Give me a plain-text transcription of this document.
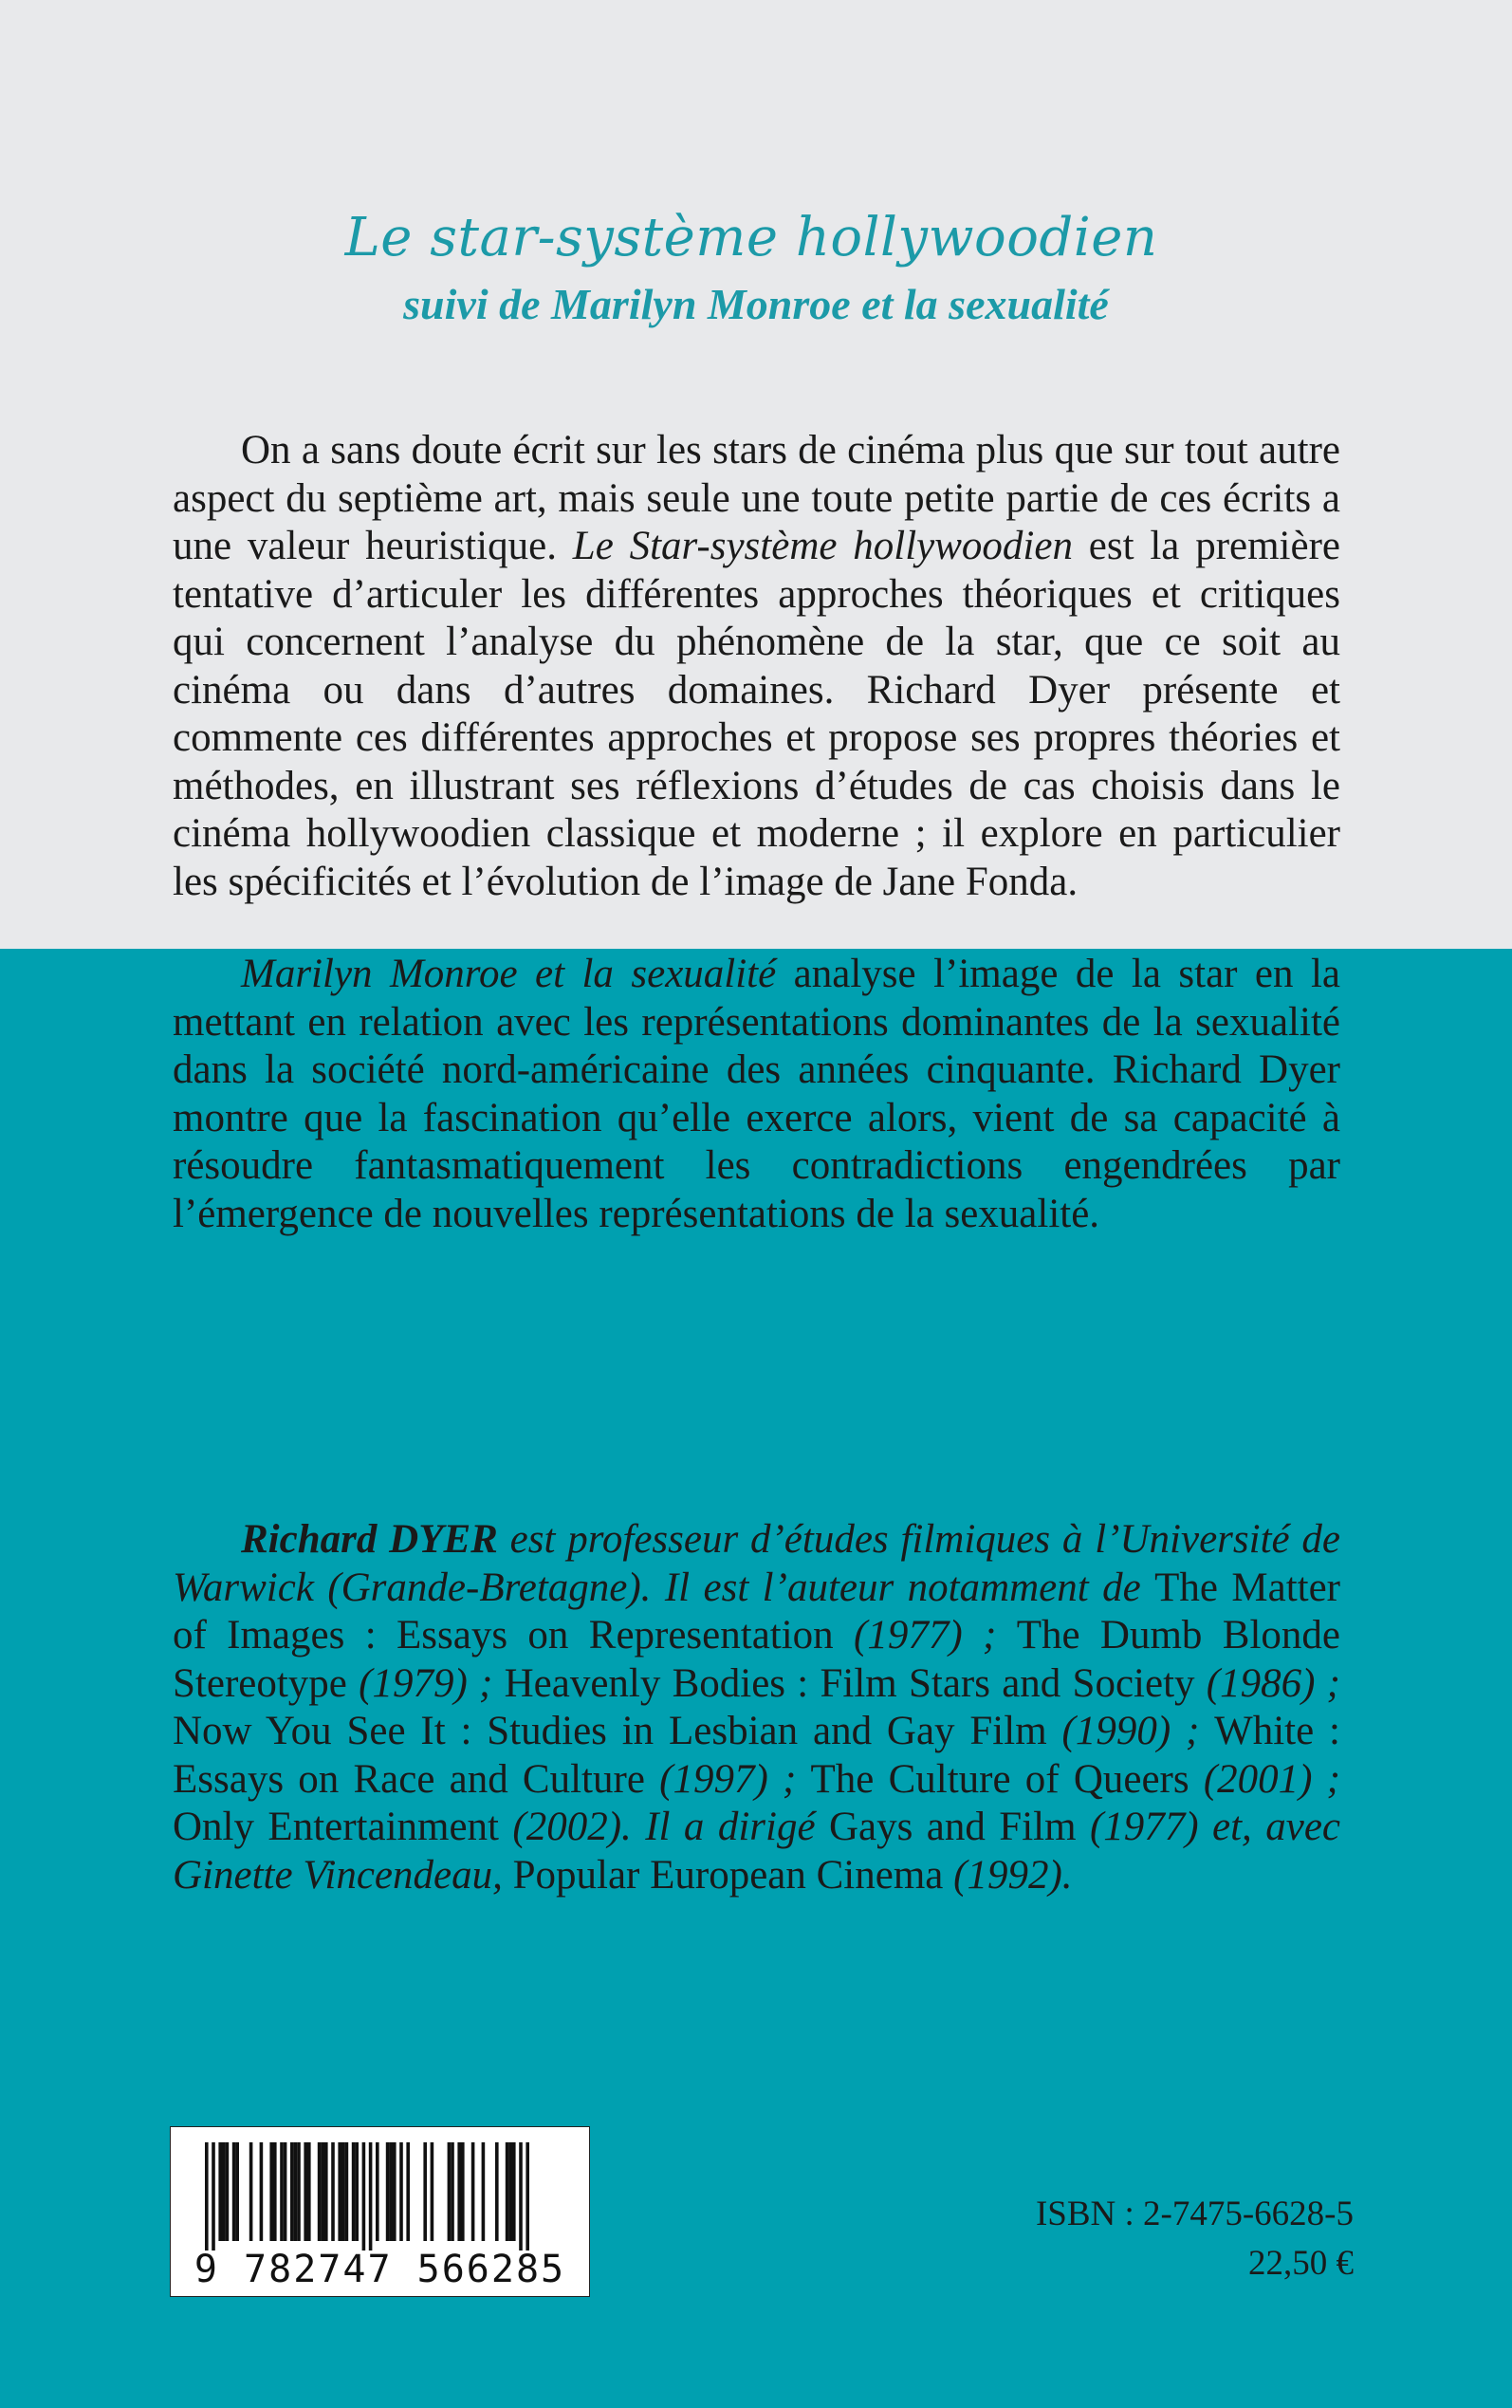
Le star-système hollywoodien
suivi de Marilyn Monroe et la sexualité

On a sans doute écrit sur les stars de cinéma plus que sur tout autre aspect du septième art, mais seule une toute petite partie de ces écrits a une valeur heuristique. Le Star-système hollywoodien est la première tentative d’articuler les différentes approches théoriques et critiques qui concernent l’analyse du phénomène de la star, que ce soit au cinéma ou dans d’autres domaines. Richard Dyer présente et commente ces différentes approches et propose ses propres théories et méthodes, en illustrant ses réflexions d’études de cas choisis dans le cinéma hollywoodien classique et moderne ; il explore en particulier les spécificités et l’évolution de l’image de Jane Fonda.

Marilyn Monroe et la sexualité analyse l’image de la star en la mettant en relation avec les représentations dominantes de la sexualité dans la société nord-américaine des années cinquante. Richard Dyer montre que la fascination qu’elle exerce alors, vient de sa capacité à résoudre fantasmatiquement les contradictions engendrées par l’émergence de nouvelles représentations de la sexualité.

Richard DYER est professeur d’études filmiques à l’Université de Warwick (Grande-Bretagne). Il est l’auteur notamment de The Matter of Images : Essays on Representation (1977) ; The Dumb Blonde Stereotype (1979) ; Heavenly Bodies : Film Stars and Society (1986) ; Now You See It : Studies in Lesbian and Gay Film (1990) ; White : Essays on Race and Culture (1997) ; The Culture of Queers (2001) ; Only Entertainment (2002). Il a dirigé Gays and Film (1977) et, avec Ginette Vincendeau, Popular European Cinema (1992).

9 782747 566285
ISBN : 2-7475-6628-5
22,50 €
